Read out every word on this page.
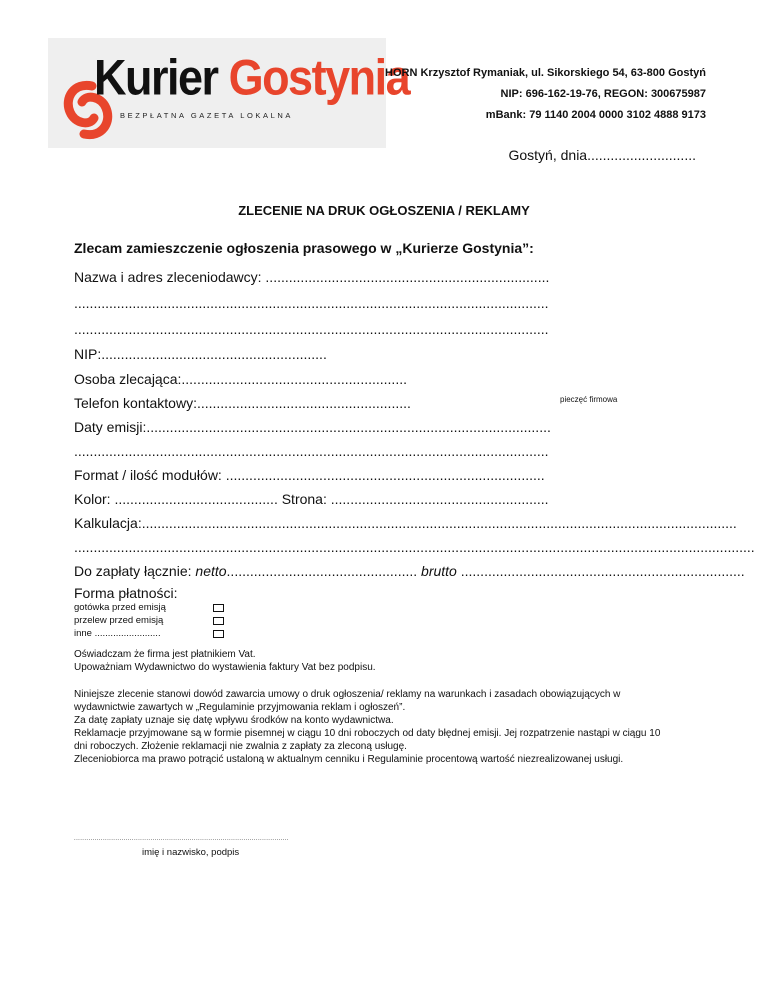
Kurier Gostynia
BEZPŁATNA GAZETA LOKALNA
HORN Krzysztof Rymaniak, ul. Sikorskiego 54, 63-800 Gostyń
NIP: 696-162-19-76, REGON: 300675987
mBank: 79 1140 2004 0000 3102 4888 9173
Gostyń, dnia............................
ZLECENIE NA DRUK OGŁOSZENIA / REKLAMY
Zlecam zamieszczenie ogłoszenia prasowego w „Kurierze Gostynia”:
Nazwa i adres zleceniodawcy: .........................................................................
..........................................................................................................................
..........................................................................................................................
NIP:..........................................................
Osoba zlecająca:..........................................................
Telefon kontaktowy:.......................................................	pieczęć firmowa
Daty emisji:........................................................................................................
..........................................................................................................................
Format / ilość modułów: ..................................................................................
Kolor: .......................................... Strona: ........................................................
Kalkulacja:.........................................................................................................................................................
...............................................................................................................................................................................
Do zapłaty łącznie: netto................................................. brutto .........................................................................
Forma płatności:
gotówka przed emisją
przelew przed emisją
inne .........................
Oświadczam że firma jest płatnikiem Vat.
Upoważniam Wydawnictwo do wystawienia faktury Vat bez podpisu.
Niniejsze zlecenie stanowi dowód zawarcia umowy o druk ogłoszenia/ reklamy na warunkach i zasadach obowiązujących w
wydawnictwie zawartych w „Regulaminie przyjmowania reklam i ogłoszeń”.
Za datę zapłaty uznaje się datę wpływu środków na konto wydawnictwa.
Reklamacje przyjmowane są w formie pisemnej w ciągu 10 dni roboczych od daty błędnej emisji. Jej rozpatrzenie nastąpi w ciągu 10
dni roboczych. Złożenie reklamacji nie zwalnia z zapłaty za zleconą usługę.
Zleceniobiorca ma prawo potrącić ustaloną w aktualnym cenniku i Regulaminie procentową wartość niezrealizowanej usługi.
........................................................................................................
imię i nazwisko, podpis
